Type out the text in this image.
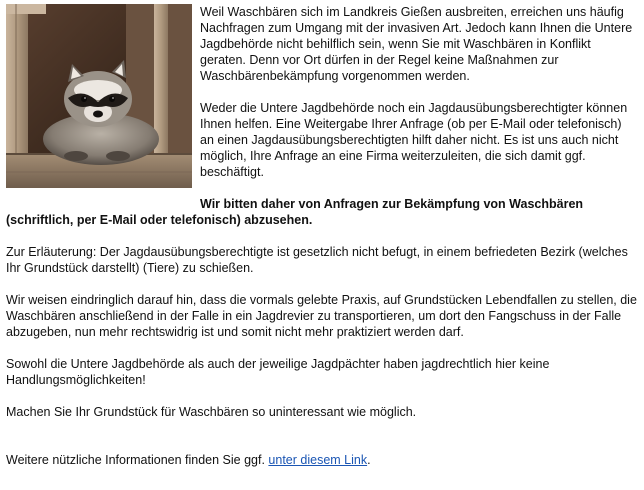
Weil Waschbären sich im Landkreis Gießen ausbreiten, erreichen uns häufig Nachfragen zum Umgang mit der invasiven Art. Jedoch kann Ihnen die Untere Jagdbehörde nicht behilflich sein, wenn Sie mit Waschbären in Konflikt geraten. Denn vor Ort dürfen in der Regel keine Maßnahmen zur Waschbärenbekämpfung vorgenommen werden.

Weder die Untere Jagdbehörde noch ein Jagdausübungsberechtigter können Ihnen helfen. Eine Weitergabe Ihrer Anfrage (ob per E-Mail oder telefonisch) an einen Jagdausübungsberechtigten hilft daher nicht. Es ist uns auch nicht möglich, Ihre Anfrage an eine Firma weiterzuleiten, die sich damit ggf. beschäftigt.

Wir bitten daher von Anfragen zur Bekämpfung von Waschbären
(schriftlich, per E-Mail oder telefonisch) abzusehen.

Zur Erläuterung: Der Jagdausübungsberechtigte ist gesetzlich nicht befugt, in einem befriedeten Bezirk (welches Ihr Grundstück darstellt) (Tiere) zu schießen.

Wir weisen eindringlich darauf hin, dass die vormals gelebte Praxis, auf Grundstücken Lebendfallen zu stellen, die Waschbären anschließend in der Falle in ein Jagdrevier zu transportieren, um dort den Fangschuss in der Falle abzugeben, nun mehr rechtswidrig ist und somit nicht mehr praktiziert werden darf.

Sowohl die Untere Jagdbehörde als auch der jeweilige Jagdpächter haben jagdrechtlich hier keine Handlungsmöglichkeiten!

Machen Sie Ihr Grundstück für Waschbären so uninteressant wie möglich.

Weitere nützliche Informationen finden Sie ggf. unter diesem Link.
